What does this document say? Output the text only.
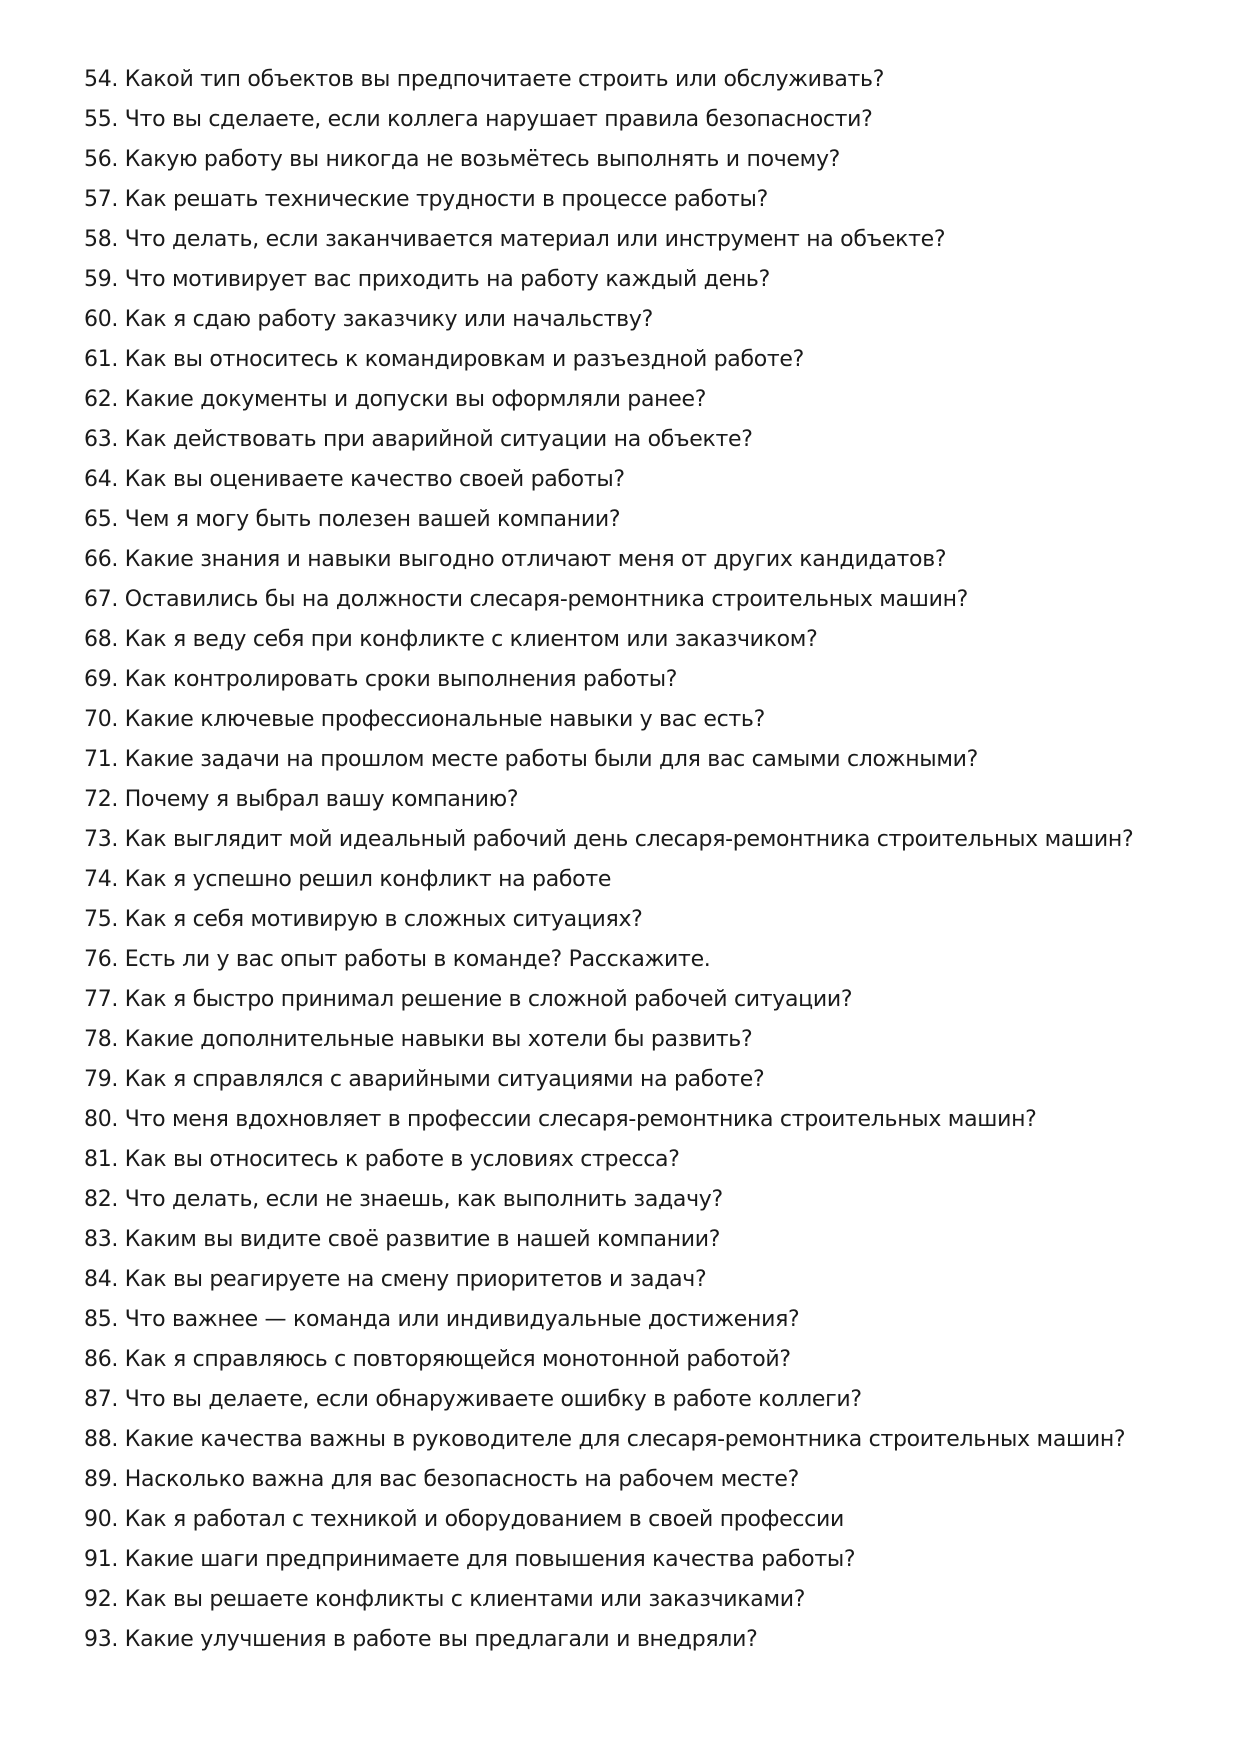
54. Какой тип объектов вы предпочитаете строить или обслуживать?
55. Что вы сделаете, если коллега нарушает правила безопасности?
56. Какую работу вы никогда не возьмётесь выполнять и почему?
57. Как решать технические трудности в процессе работы?
58. Что делать, если заканчивается материал или инструмент на объекте?
59. Что мотивирует вас приходить на работу каждый день?
60. Как я сдаю работу заказчику или начальству?
61. Как вы относитесь к командировкам и разъездной работе?
62. Какие документы и допуски вы оформляли ранее?
63. Как действовать при аварийной ситуации на объекте?
64. Как вы оцениваете качество своей работы?
65. Чем я могу быть полезен вашей компании?
66. Какие знания и навыки выгодно отличают меня от других кандидатов?
67. Оставились бы на должности слесаря-ремонтника строительных машин?
68. Как я веду себя при конфликте с клиентом или заказчиком?
69. Как контролировать сроки выполнения работы?
70. Какие ключевые профессиональные навыки у вас есть?
71. Какие задачи на прошлом месте работы были для вас самыми сложными?
72. Почему я выбрал вашу компанию?
73. Как выглядит мой идеальный рабочий день слесаря-ремонтника строительных машин?
74. Как я успешно решил конфликт на работе
75. Как я себя мотивирую в сложных ситуациях?
76. Есть ли у вас опыт работы в команде? Расскажите.
77. Как я быстро принимал решение в сложной рабочей ситуации?
78. Какие дополнительные навыки вы хотели бы развить?
79. Как я справлялся с аварийными ситуациями на работе?
80. Что меня вдохновляет в профессии слесаря-ремонтника строительных машин?
81. Как вы относитесь к работе в условиях стресса?
82. Что делать, если не знаешь, как выполнить задачу?
83. Каким вы видите своё развитие в нашей компании?
84. Как вы реагируете на смену приоритетов и задач?
85. Что важнее — команда или индивидуальные достижения?
86. Как я справляюсь с повторяющейся монотонной работой?
87. Что вы делаете, если обнаруживаете ошибку в работе коллеги?
88. Какие качества важны в руководителе для слесаря-ремонтника строительных машин?
89. Насколько важна для вас безопасность на рабочем месте?
90. Как я работал с техникой и оборудованием в своей профессии
91. Какие шаги предпринимаете для повышения качества работы?
92. Как вы решаете конфликты с клиентами или заказчиками?
93. Какие улучшения в работе вы предлагали и внедряли?
